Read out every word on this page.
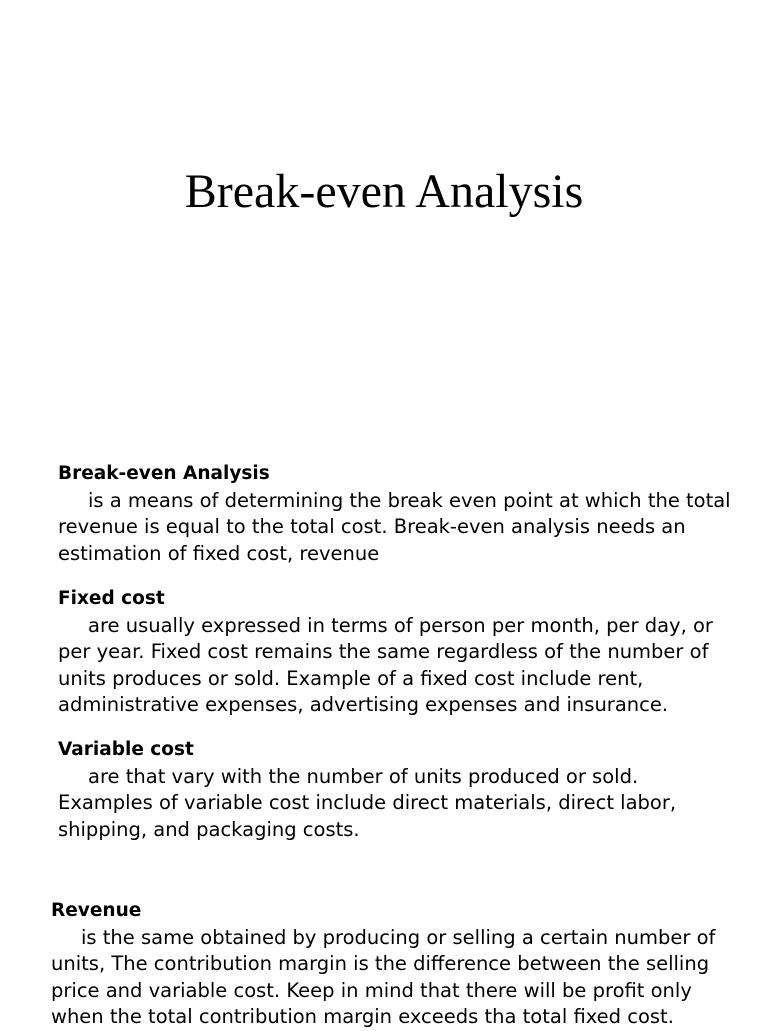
Break-even Analysis
Break-even Analysis
is a means of determining the break even point at which the total revenue is equal to the total cost. Break-even analysis needs an estimation of fixed cost, revenue
Fixed cost
are usually expressed in terms of person per month, per day, or per year. Fixed cost remains the same regardless of the number of units produces or sold. Example of a fixed cost include rent, administrative expenses, advertising expenses and insurance.
Variable cost
are that vary with the number of units produced or sold. Examples of variable cost include direct materials, direct labor, shipping, and packaging costs.
Revenue
is the same obtained by producing or selling a certain number of units, The contribution margin is the difference between the selling price and variable cost. Keep in mind that there will be profit only when the total contribution margin exceeds tha total fixed cost.
